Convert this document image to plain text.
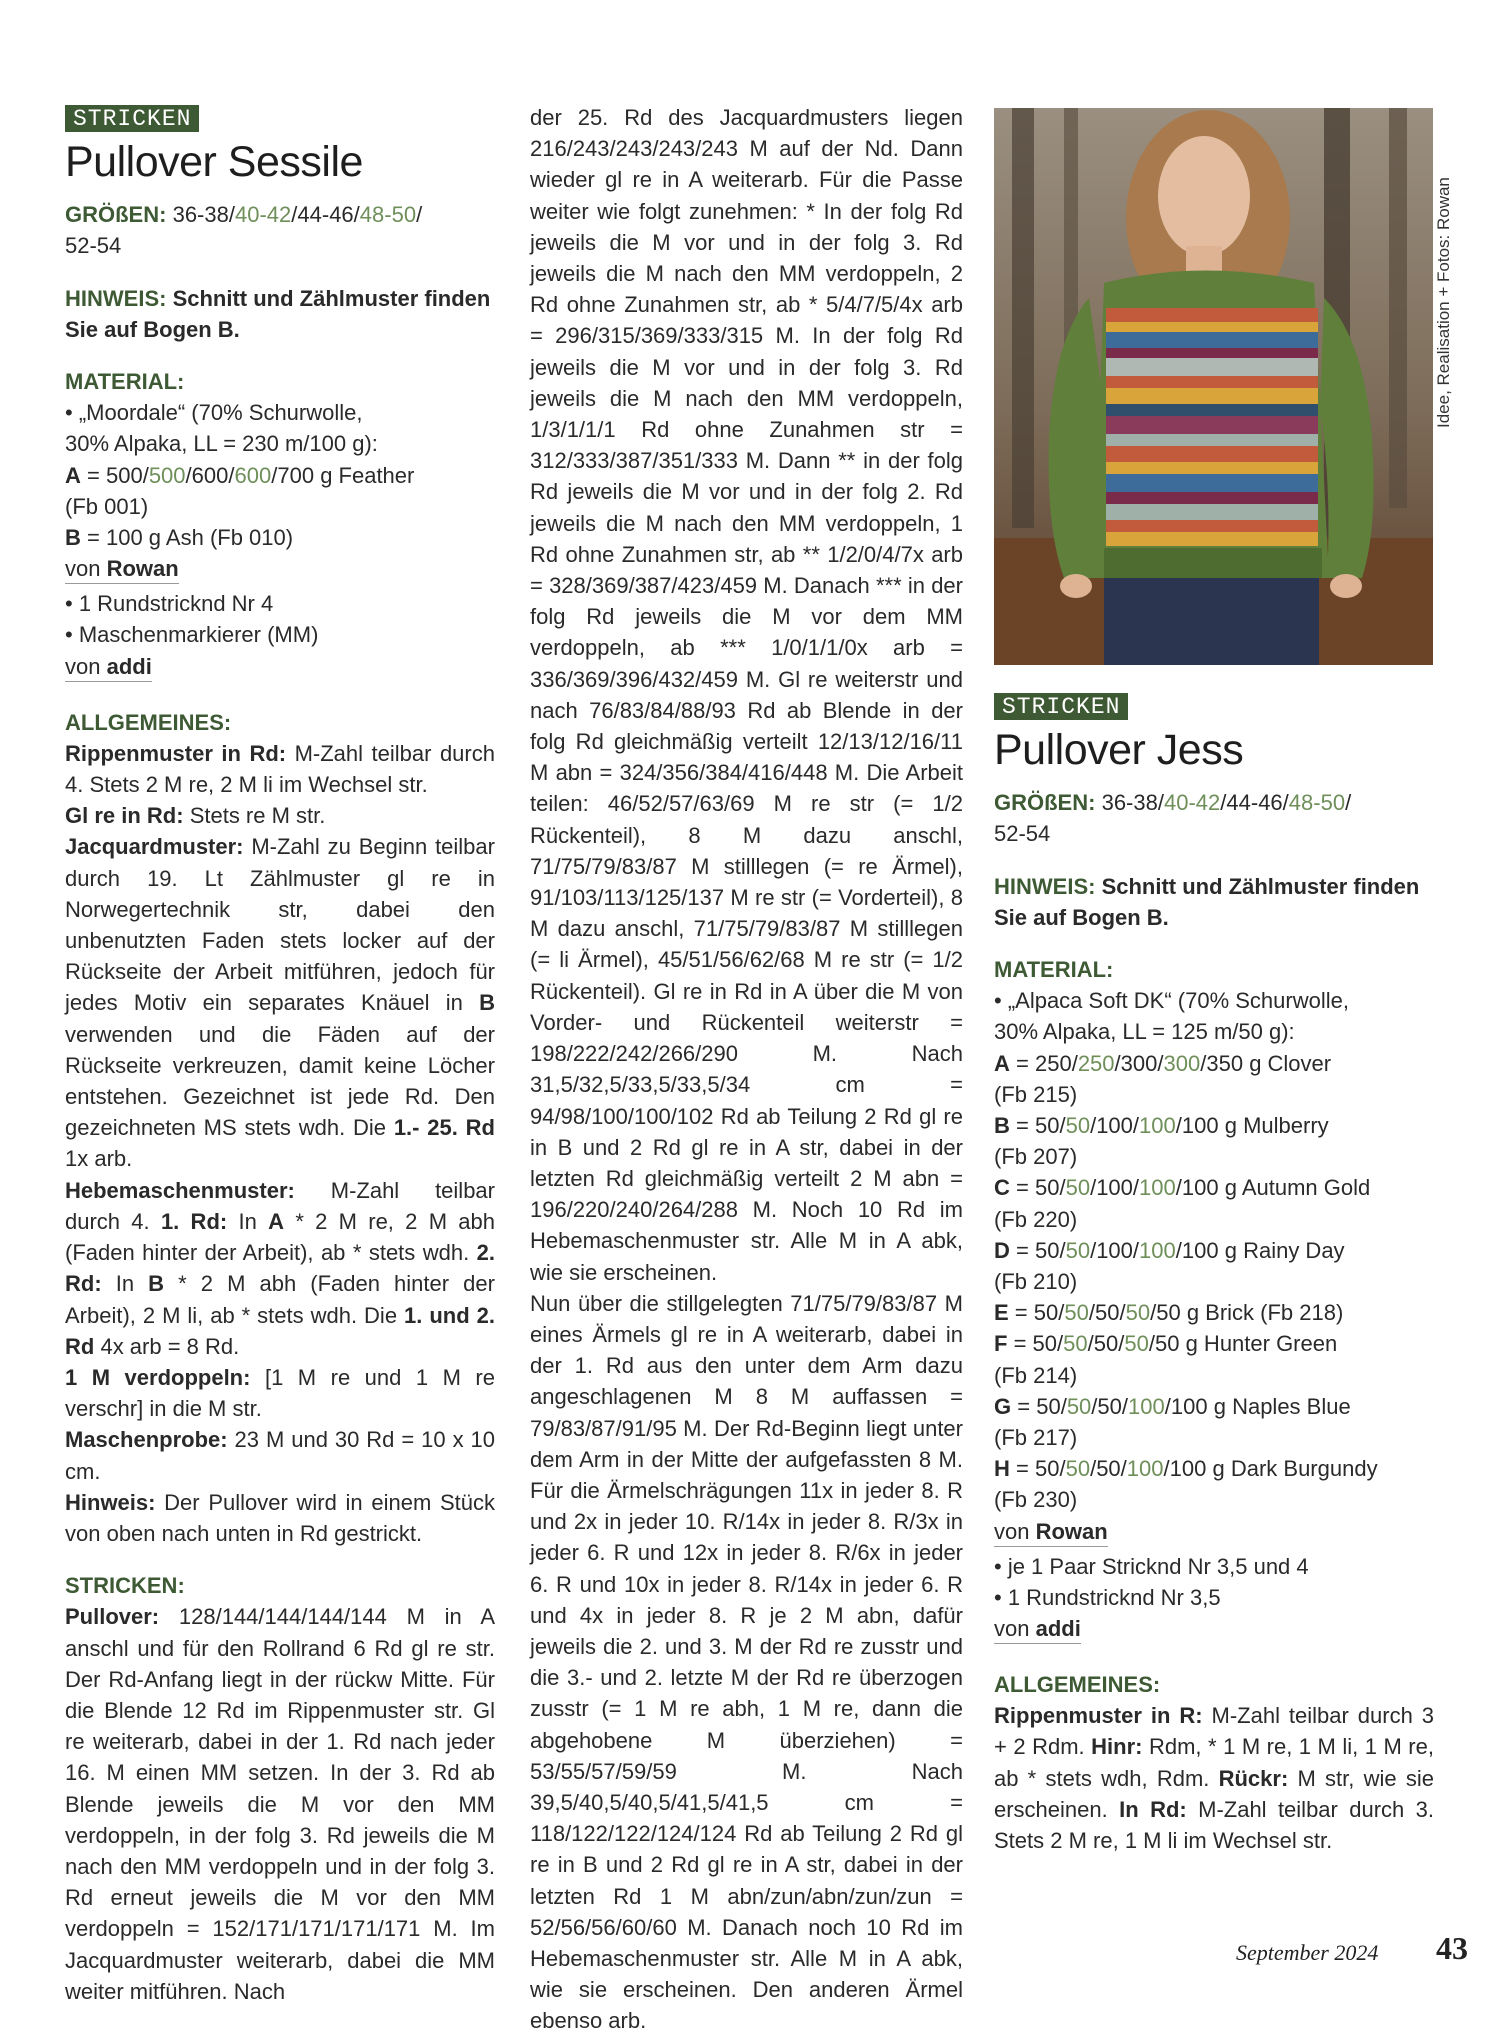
STRICKEN
Pullover Sessile
GRÖßEN: 36-38/40-42/44-46/48-50/
52-54
HINWEIS: Schnitt und Zählmuster finden Sie auf Bogen B.
MATERIAL:
• „Moordale“ (70% Schurwolle,
30% Alpaka, LL = 230 m/100 g):
A = 500/500/600/600/700 g Feather
(Fb 001)
B = 100 g Ash (Fb 010)
von Rowan
• 1 Rundstricknd Nr 4
• Maschenmarkierer (MM)
von addi
ALLGEMEINES:

Rippenmuster in Rd: M-Zahl teilbar durch 4. Stets 2 M re, 2 M li im Wechsel str.

Gl re in Rd: Stets re M str.

Jacquardmuster: M-Zahl zu Beginn teilbar durch 19. Lt Zählmuster gl re in Norwegertechnik str, dabei den unbenutzten Faden stets locker auf der Rückseite der Arbeit mitführen, jedoch für jedes Motiv ein separates Knäuel in B verwenden und die Fäden auf der Rückseite verkreuzen, damit keine Löcher entstehen. Gezeichnet ist jede Rd. Den gezeichneten MS stets wdh. Die 1.- 25. Rd 1x arb.

Hebemaschenmuster: M-Zahl teilbar durch 4. 1. Rd: In A * 2 M re, 2 M abh (Faden hinter der Arbeit), ab * stets wdh. 2. Rd: In B * 2 M abh (Faden hinter der Arbeit), 2 M li, ab * stets wdh. Die 1. und 2. Rd 4x arb = 8 Rd.

1 M verdoppeln: [1 M re und 1 M re verschr] in die M str.

Maschenprobe: 23 M und 30 Rd = 10 x 10 cm.

Hinweis: Der Pullover wird in einem Stück von oben nach unten in Rd gestrickt.

STRICKEN:

Pullover: 128/144/144/144/144 M in A anschl und für den Rollrand 6 Rd gl re str. Der Rd-Anfang liegt in der rückw Mitte. Für die Blende 12 Rd im Rippenmuster str. Gl re weiterarb, dabei in der 1. Rd nach jeder 16. M einen MM setzen. In der 3. Rd ab Blende jeweils die M vor den MM verdoppeln, in der folg 3. Rd jeweils die M nach den MM verdoppeln und in der folg 3. Rd erneut jeweils die M vor den MM verdoppeln = 152/171/171/171/171 M. Im Jacquardmuster weiterarb, dabei die MM weiter mitführen. Nach

der 25. Rd des Jacquardmusters liegen 216/243/243/243/243 M auf der Nd. Dann wieder gl re in A weiterarb. Für die Passe weiter wie folgt zunehmen: * In der folg Rd jeweils die M vor und in der folg 3. Rd jeweils die M nach den MM verdoppeln, 2 Rd ohne Zunahmen str, ab * 5/4/7/5/4x arb = 296/315/369/333/315 M. In der folg Rd jeweils die M vor und in der folg 3. Rd jeweils die M nach den MM verdoppeln, 1/3/1/1/1 Rd ohne Zunahmen str = 312/333/387/351/333 M. Dann ** in der folg Rd jeweils die M vor und in der folg 2. Rd jeweils die M nach den MM verdoppeln, 1 Rd ohne Zunahmen str, ab ** 1/2/0/4/7x arb = 328/369/387/423/459 M. Danach *** in der folg Rd jeweils die M vor dem MM verdoppeln, ab *** 1/0/1/1/0x arb = 336/369/396/432/459 M. Gl re weiterstr und nach 76/83/84/88/93 Rd ab Blende in der folg Rd gleichmäßig verteilt 12/13/12/16/11 M abn = 324/356/384/416/448 M. Die Arbeit teilen: 46/52/57/63/69 M re str (= 1/2 Rückenteil), 8 M dazu anschl, 71/75/79/83/87 M stilllegen (= re Ärmel), 91/103/113/125/137 M re str (= Vorderteil), 8 M dazu anschl, 71/75/79/83/87 M stilllegen (= li Ärmel), 45/51/56/62/68 M re str (= 1/2 Rückenteil). Gl re in Rd in A über die M von Vorder- und Rückenteil weiterstr = 198/222/242/266/290 M. Nach 31,5/32,5/33,5/33,5/34 cm = 94/98/100/100/102 Rd ab Teilung 2 Rd gl re in B und 2 Rd gl re in A str, dabei in der letzten Rd gleichmäßig verteilt 2 M abn = 196/220/240/264/288 M. Noch 10 Rd im Hebemaschenmuster str. Alle M in A abk, wie sie erscheinen.

Nun über die stillgelegten 71/75/79/83/87 M eines Ärmels gl re in A weiterarb, dabei in der 1. Rd aus den unter dem Arm dazu angeschlagenen M 8 M auffassen = 79/83/87/91/95 M. Der Rd-Beginn liegt unter dem Arm in der Mitte der aufgefassten 8 M. Für die Ärmelschrägungen 11x in jeder 8. R und 2x in jeder 10. R/14x in jeder 8. R/3x in jeder 6. R und 12x in jeder 8. R/6x in jeder 6. R und 10x in jeder 8. R/14x in jeder 6. R und 4x in jeder 8. R je 2 M abn, dafür jeweils die 2. und 3. M der Rd re zusstr und die 3.- und 2. letzte M der Rd re überzogen zusstr (= 1 M re abh, 1 M re, dann die abgehobene M überziehen) = 53/55/57/59/59 M. Nach 39,5/40,5/40,5/41,5/41,5 cm = 118/122/122/124/124 Rd ab Teilung 2 Rd gl re in B und 2 Rd gl re in A str, dabei in der letzten Rd 1 M abn/zun/abn/zun/zun = 52/56/56/60/60 M. Danach noch 10 Rd im Hebemaschenmuster str. Alle M in A abk, wie sie erscheinen. Den anderen Ärmel ebenso arb.

Idee, Realisation + Fotos: Rowan
STRICKEN
Pullover Jess
GRÖßEN: 36-38/40-42/44-46/48-50/
52-54
HINWEIS: Schnitt und Zählmuster finden Sie auf Bogen B.
MATERIAL:
• „Alpaca Soft DK“ (70% Schurwolle,
30% Alpaka, LL = 125 m/50 g):
A = 250/250/300/300/350 g Clover
(Fb 215)
B = 50/50/100/100/100 g Mulberry
(Fb 207)
C = 50/50/100/100/100 g Autumn Gold
(Fb 220)
D = 50/50/100/100/100 g Rainy Day
(Fb 210)
E = 50/50/50/50/50 g Brick (Fb 218)
F = 50/50/50/50/50 g Hunter Green
(Fb 214)
G = 50/50/50/100/100 g Naples Blue
(Fb 217)
H = 50/50/50/100/100 g Dark Burgundy
(Fb 230)
von Rowan
• je 1 Paar Stricknd Nr 3,5 und 4
• 1 Rundstricknd Nr 3,5
von addi
ALLGEMEINES:

Rippenmuster in R: M-Zahl teilbar durch 3 + 2 Rdm. Hinr: Rdm, * 1 M re, 1 M li, 1 M re, ab * stets wdh, Rdm. Rückr: M str, wie sie erscheinen. In Rd: M-Zahl teilbar durch 3. Stets 2 M re, 1 M li im Wechsel str.

September 2024 43
